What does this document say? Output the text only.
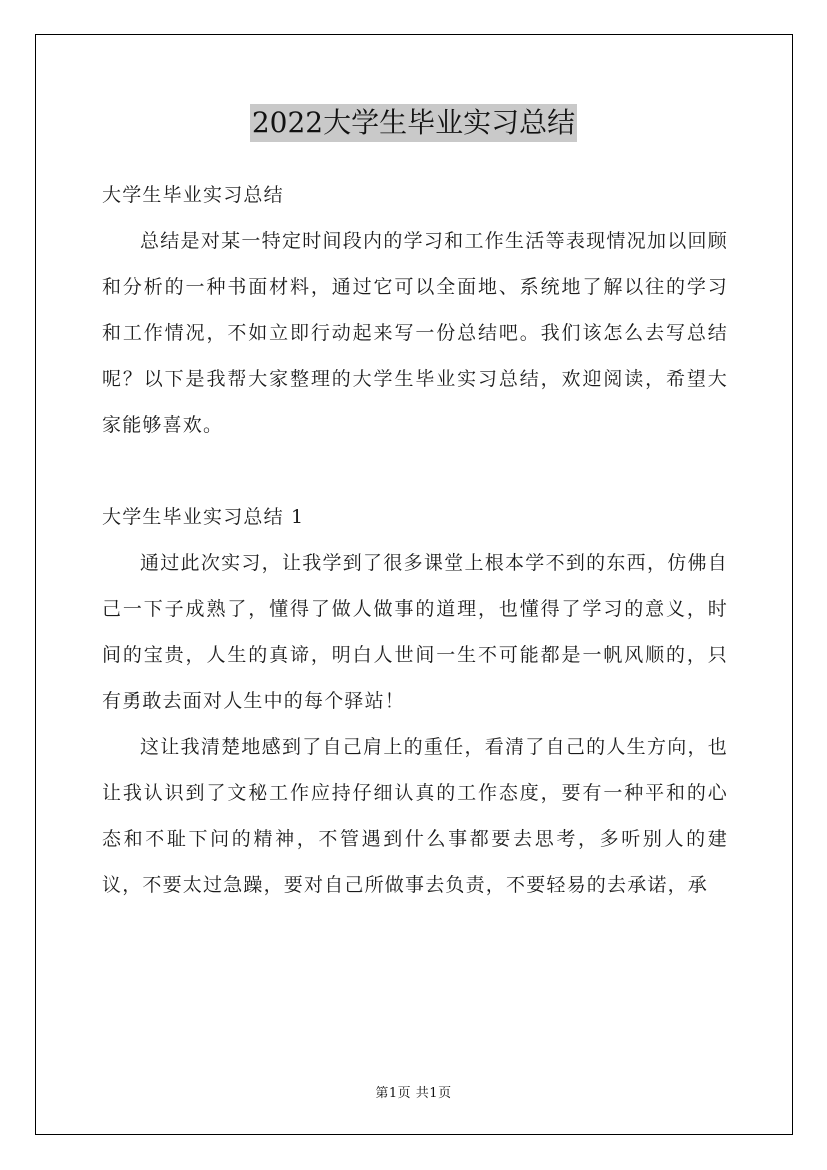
2022大学生毕业实习总结

大学生毕业实习总结

总结是对某一特定时间段内的学习和工作生活等表现情况加以回顾和分析的一种书面材料，通过它可以全面地、系统地了解以往的学习和工作情况，不如立即行动起来写一份总结吧。我们该怎么去写总结呢？以下是我帮大家整理的大学生毕业实习总结，欢迎阅读，希望大家能够喜欢。

大学生毕业实习总结 1

通过此次实习，让我学到了很多课堂上根本学不到的东西，仿佛自己一下子成熟了，懂得了做人做事的道理，也懂得了学习的意义，时间的宝贵，人生的真谛，明白人世间一生不可能都是一帆风顺的，只有勇敢去面对人生中的每个驿站！

这让我清楚地感到了自己肩上的重任，看清了自己的人生方向，也让我认识到了文秘工作应持仔细认真的工作态度，要有一种平和的心态和不耻下问的精神，不管遇到什么事都要去思考，多听别人的建议，不要太过急躁，要对自己所做事去负责，不要轻易的去承诺，承

第1页 共1页
